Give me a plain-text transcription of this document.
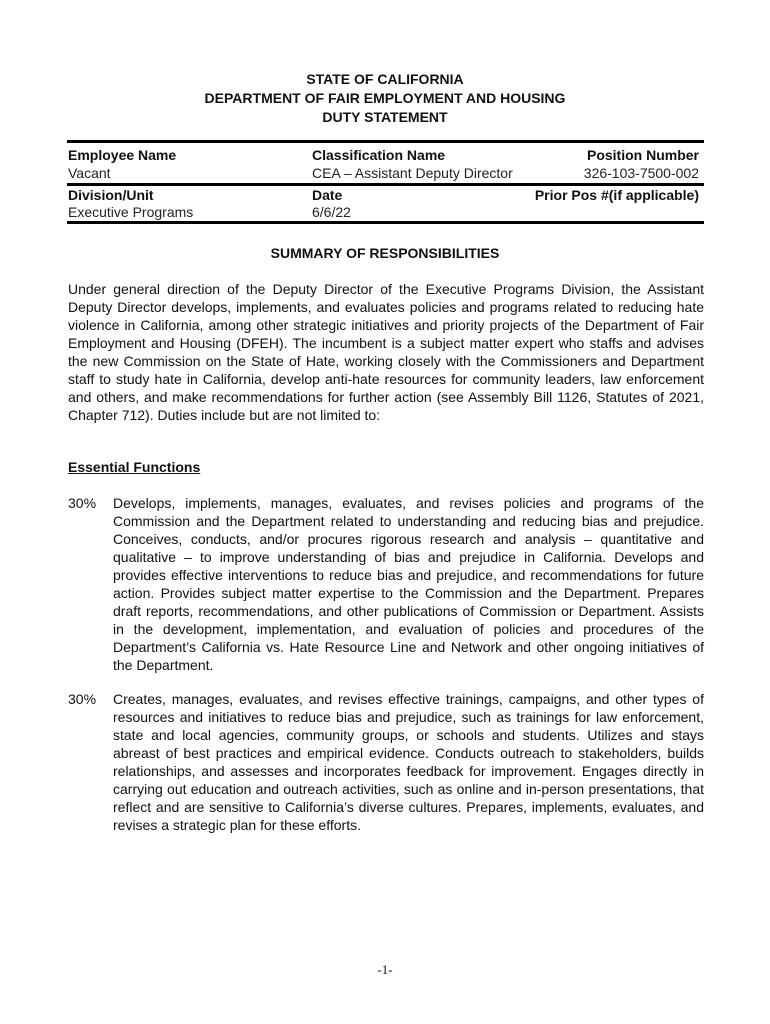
STATE OF CALIFORNIA
DEPARTMENT OF FAIR EMPLOYMENT AND HOUSING
DUTY STATEMENT
Employee Name
Vacant
Classification Name
CEA – Assistant Deputy Director
Position Number
326-103-7500-002
Division/Unit
Executive Programs
Date
6/6/22
Prior Pos #(if applicable)
SUMMARY OF RESPONSIBILITIES
Under general direction of the Deputy Director of the Executive Programs Division, the Assistant Deputy Director develops, implements, and evaluates policies and programs related to reducing hate violence in California, among other strategic initiatives and priority projects of the Department of Fair Employment and Housing (DFEH). The incumbent is a subject matter expert who staffs and advises the new Commission on the State of Hate, working closely with the Commissioners and Department staff to study hate in California, develop anti-hate resources for community leaders, law enforcement and others, and make recommendations for further action (see Assembly Bill 1126, Statutes of 2021, Chapter 712). Duties include but are not limited to:
Essential Functions
30% Develops, implements, manages, evaluates, and revises policies and programs of the Commission and the Department related to understanding and reducing bias and prejudice. Conceives, conducts, and/or procures rigorous research and analysis – quantitative and qualitative – to improve understanding of bias and prejudice in California. Develops and provides effective interventions to reduce bias and prejudice, and recommendations for future action. Provides subject matter expertise to the Commission and the Department. Prepares draft reports, recommendations, and other publications of Commission or Department. Assists in the development, implementation, and evaluation of policies and procedures of the Department’s California vs. Hate Resource Line and Network and other ongoing initiatives of the Department.
30% Creates, manages, evaluates, and revises effective trainings, campaigns, and other types of resources and initiatives to reduce bias and prejudice, such as trainings for law enforcement, state and local agencies, community groups, or schools and students. Utilizes and stays abreast of best practices and empirical evidence. Conducts outreach to stakeholders, builds relationships, and assesses and incorporates feedback for improvement. Engages directly in carrying out education and outreach activities, such as online and in-person presentations, that reflect and are sensitive to California’s diverse cultures. Prepares, implements, evaluates, and revises a strategic plan for these efforts.
-1-
